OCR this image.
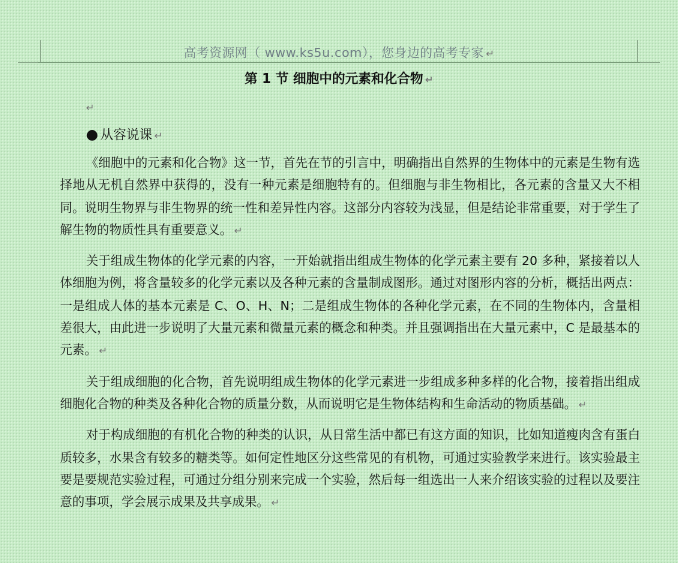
高考资源网（ www.ks5u.com），您身边的高考专家 ↵
第 1 节 细胞中的元素和化合物 ↵
↵
● 从容说课 ↵

《细胞中的元素和化合物》这一节，首先在节的引言中，明确指出自然界的生物体中的元素是生物有选择地从无机自然界中获得的，没有一种元素是细胞特有的。但细胞与非生物相比，各元素的含量又大不相同。说明生物界与非生物界的统一性和差异性内容。这部分内容较为浅显，但是结论非常重要，对于学生了解生物的物质性具有重要意义。 ↵

关于组成生物体的化学元素的内容，一开始就指出组成生物体的化学元素主要有 20 多种，紧接着以人体细胞为例，将含量较多的化学元素以及各种元素的含量制成图形。通过对图形内容的分析，概括出两点：一是组成人体的基本元素是 C、O、H、N；二是组成生物体的各种化学元素，在不同的生物体内，含量相差很大，由此进一步说明了大量元素和微量元素的概念和种类。并且强调指出在大量元素中，C 是最基本的元素。 ↵

关于组成细胞的化合物，首先说明组成生物体的化学元素进一步组成多种多样的化合物，接着指出组成细胞化合物的种类及各种化合物的质量分数，从而说明它是生物体结构和生命活动的物质基础。 ↵

对于构成细胞的有机化合物的种类的认识，从日常生活中都已有这方面的知识，比如知道瘦肉含有蛋白质较多，水果含有较多的糖类等。如何定性地区分这些常见的有机物，可通过实验教学来进行。该实验最主要是要规范实验过程，可通过分组分别来完成一个实验，然后每一组选出一人来介绍该实验的过程以及要注意的事项，学会展示成果及共享成果。 ↵
